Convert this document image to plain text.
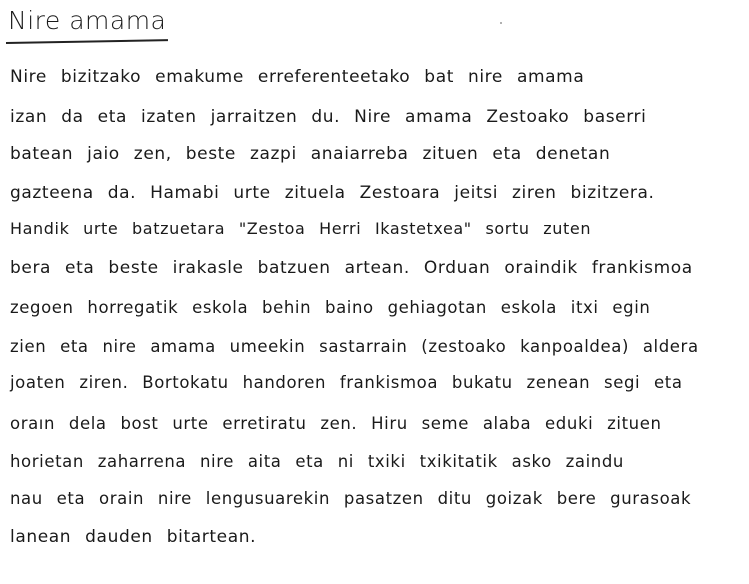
Nire amama
Nire bizitzako emakume erreferenteetako bat nire amama
izan da eta izaten jarraitzen du. Nire amama Zestoako baserri
batean jaio zen, beste zazpi anaiarreba zituen eta denetan
gazteena da. Hamabi urte zituela Zestoara jeitsi ziren bizitzera.
Handik urte batzuetara "Zestoa Herri Ikastetxea" sortu zuten
bera eta beste irakasle batzuen artean. Orduan oraindik frankismoa
zegoen horregatik eskola behin baino gehiagotan eskola itxi egin
zien eta nire amama umeekin sastarrain (zestoako kanpoaldea) aldera
joaten ziren. Bortokatu handoren frankismoa bukatu zenean segi eta
oraın dela bost urte erretiratu zen. Hiru seme alaba eduki zituen
horietan zaharrena nire aita eta ni txiki txikitatik asko zaindu
nau eta orain nire lengusuarekin pasatzen ditu goizak bere gurasoak
lanean dauden bitartean.
